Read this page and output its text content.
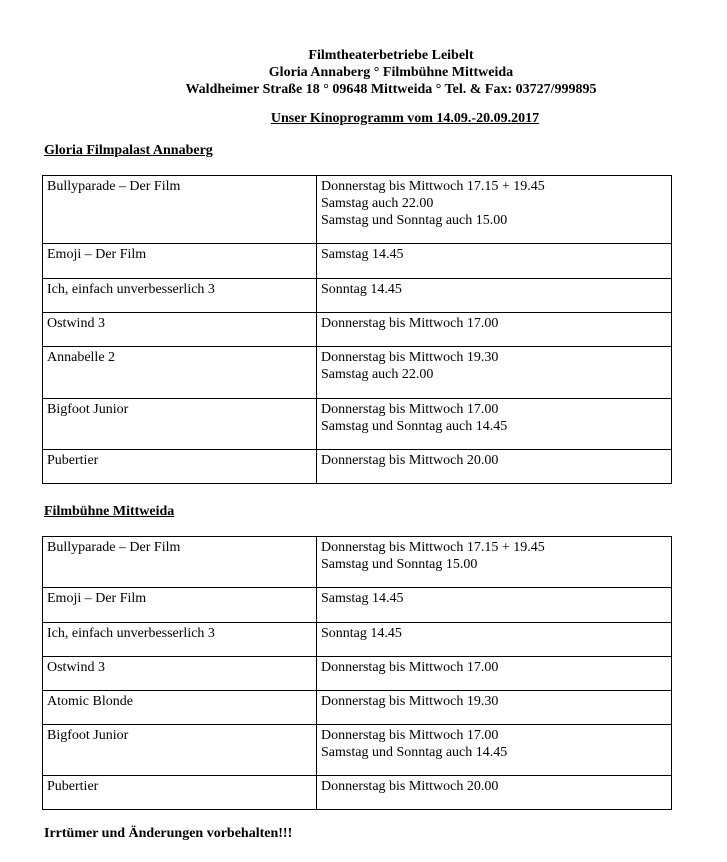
Filmtheaterbetriebe Leibelt
Gloria Annaberg ° Filmbühne Mittweida
Waldheimer Straße 18 ° 09648 Mittweida ° Tel. & Fax: 03727/999895
Unser Kinoprogramm vom 14.09.-20.09.2017
Gloria Filmpalast Annaberg
Bullyparade – Der Film	Donnerstag bis Mittwoch 17.15 + 19.45
Samstag auch 22.00
Samstag und Sonntag auch 15.00

Emoji – Der Film	Samstag 14.45

Ich, einfach unverbesserlich 3	Sonntag 14.45

Ostwind 3	Donnerstag bis Mittwoch 17.00

Annabelle 2	Donnerstag bis Mittwoch 19.30
Samstag auch 22.00

Bigfoot Junior	Donnerstag bis Mittwoch 17.00
Samstag und Sonntag auch 14.45

Pubertier	Donnerstag bis Mittwoch 20.00
Filmbühne Mittweida
Bullyparade – Der Film	Donnerstag bis Mittwoch 17.15 + 19.45
Samstag und Sonntag 15.00

Emoji – Der Film	Samstag 14.45

Ich, einfach unverbesserlich 3	Sonntag 14.45

Ostwind 3	Donnerstag bis Mittwoch 17.00

Atomic Blonde	Donnerstag bis Mittwoch 19.30

Bigfoot Junior	Donnerstag bis Mittwoch 17.00
Samstag und Sonntag auch 14.45

Pubertier	Donnerstag bis Mittwoch 20.00
Irrtümer und Änderungen vorbehalten!!!
